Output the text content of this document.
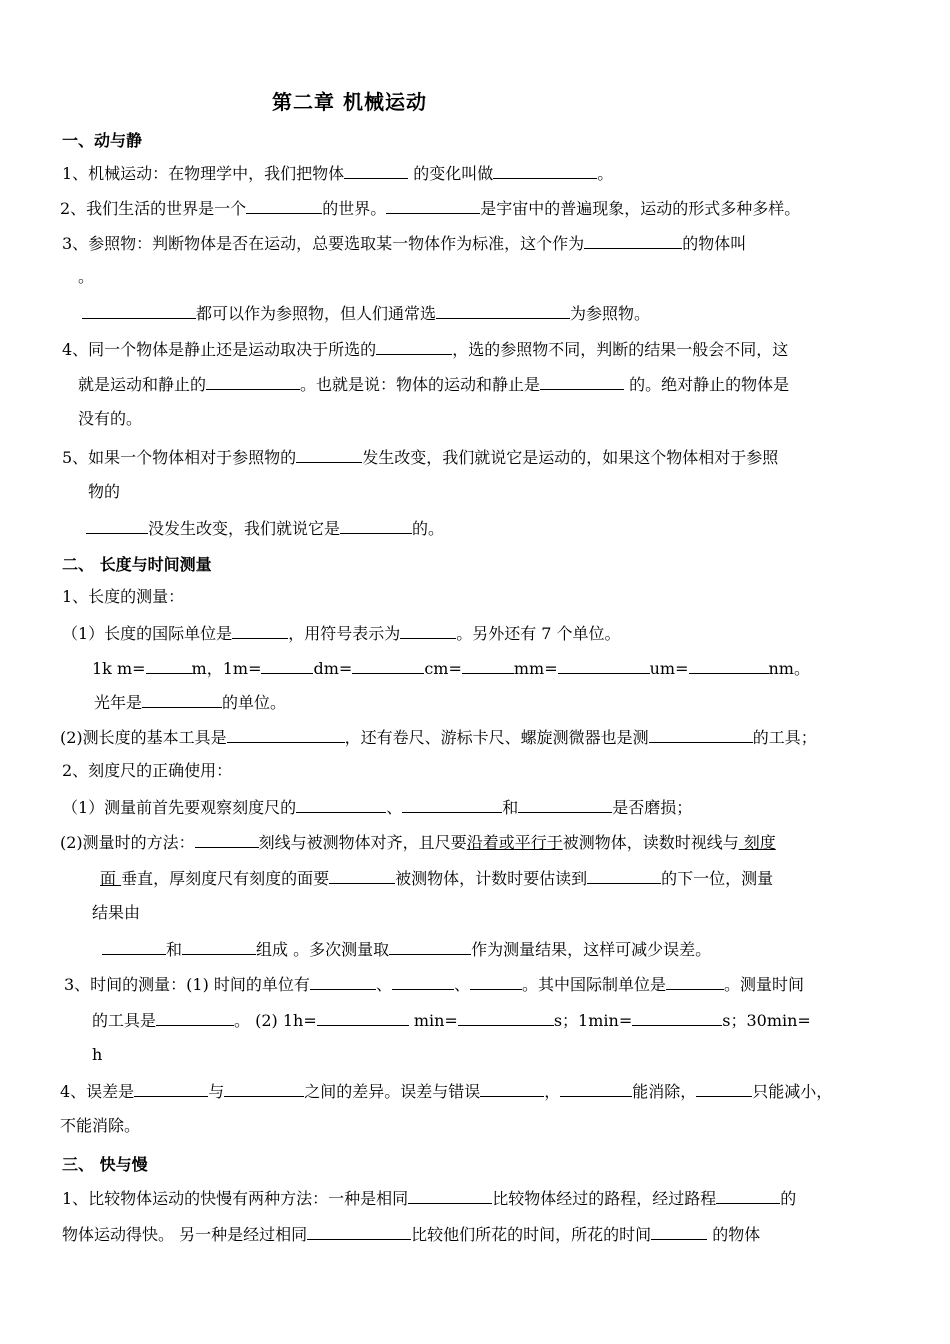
第二章 机械运动
一、动与静
1、机械运动：在物理学中，我们把物体	的变化叫做	。
2、我们生活的世界是一个	的世界。	是宇宙中的普遍现象，运动的形式多种多样。
3、参照物：判断物体是否在运动，总要选取某一物体作为标准，这个作为	的物体叫
。
都可以作为参照物，但人们通常选	为参照物。
4、同一个物体是静止还是运动取决于所选的	，选的参照物不同，判断的结果一般会不同，这
就是运动和静止的	。也就是说：物体的运动和静止是	的。绝对静止的物体是
没有的。
5、如果一个物体相对于参照物的	发生改变，我们就说它是运动的，如果这个物体相对于参照
物的
没发生改变，我们就说它是	的。
二、 长度与时间测量
1、长度的测量：
（1）长度的国际单位是	，用符号表示为	。另外还有 7 个单位。
1k m=	m，1m=	dm=	cm=	mm=	um=	nm。
光年是	的单位。
(2)测长度的基本工具是	，还有卷尺、游标卡尺、螺旋测微器也是测	的工具；
2、刻度尺的正确使用：
（1）测量前首先要观察刻度尺的	、	和	是否磨损；
(2)测量时的方法：	刻线与被测物体对齐，且尺要沿着或平行于被测物体，读数时视线与 刻度
面 垂直，厚刻度尺有刻度的面要	被测物体，计数时要估读到	的下一位，测量
结果由
和	组成 。多次测量取	作为测量结果，这样可减少误差。
3、时间的测量：(1) 时间的单位有	、	、	。其中国际制单位是	。测量时间
的工具是	。 (2) 1h=	min=	s；1min=	s；30min=
h
4、误差是	与	之间的差异。误差与错误	，	能消除，	只能减小，
不能消除。
三、 快与慢
1、比较物体运动的快慢有两种方法：一种是相同	比较物体经过的路程，经过路程	的
物体运动得快。 另一种是经过相同	比较他们所花的时间，所花的时间	的物体
